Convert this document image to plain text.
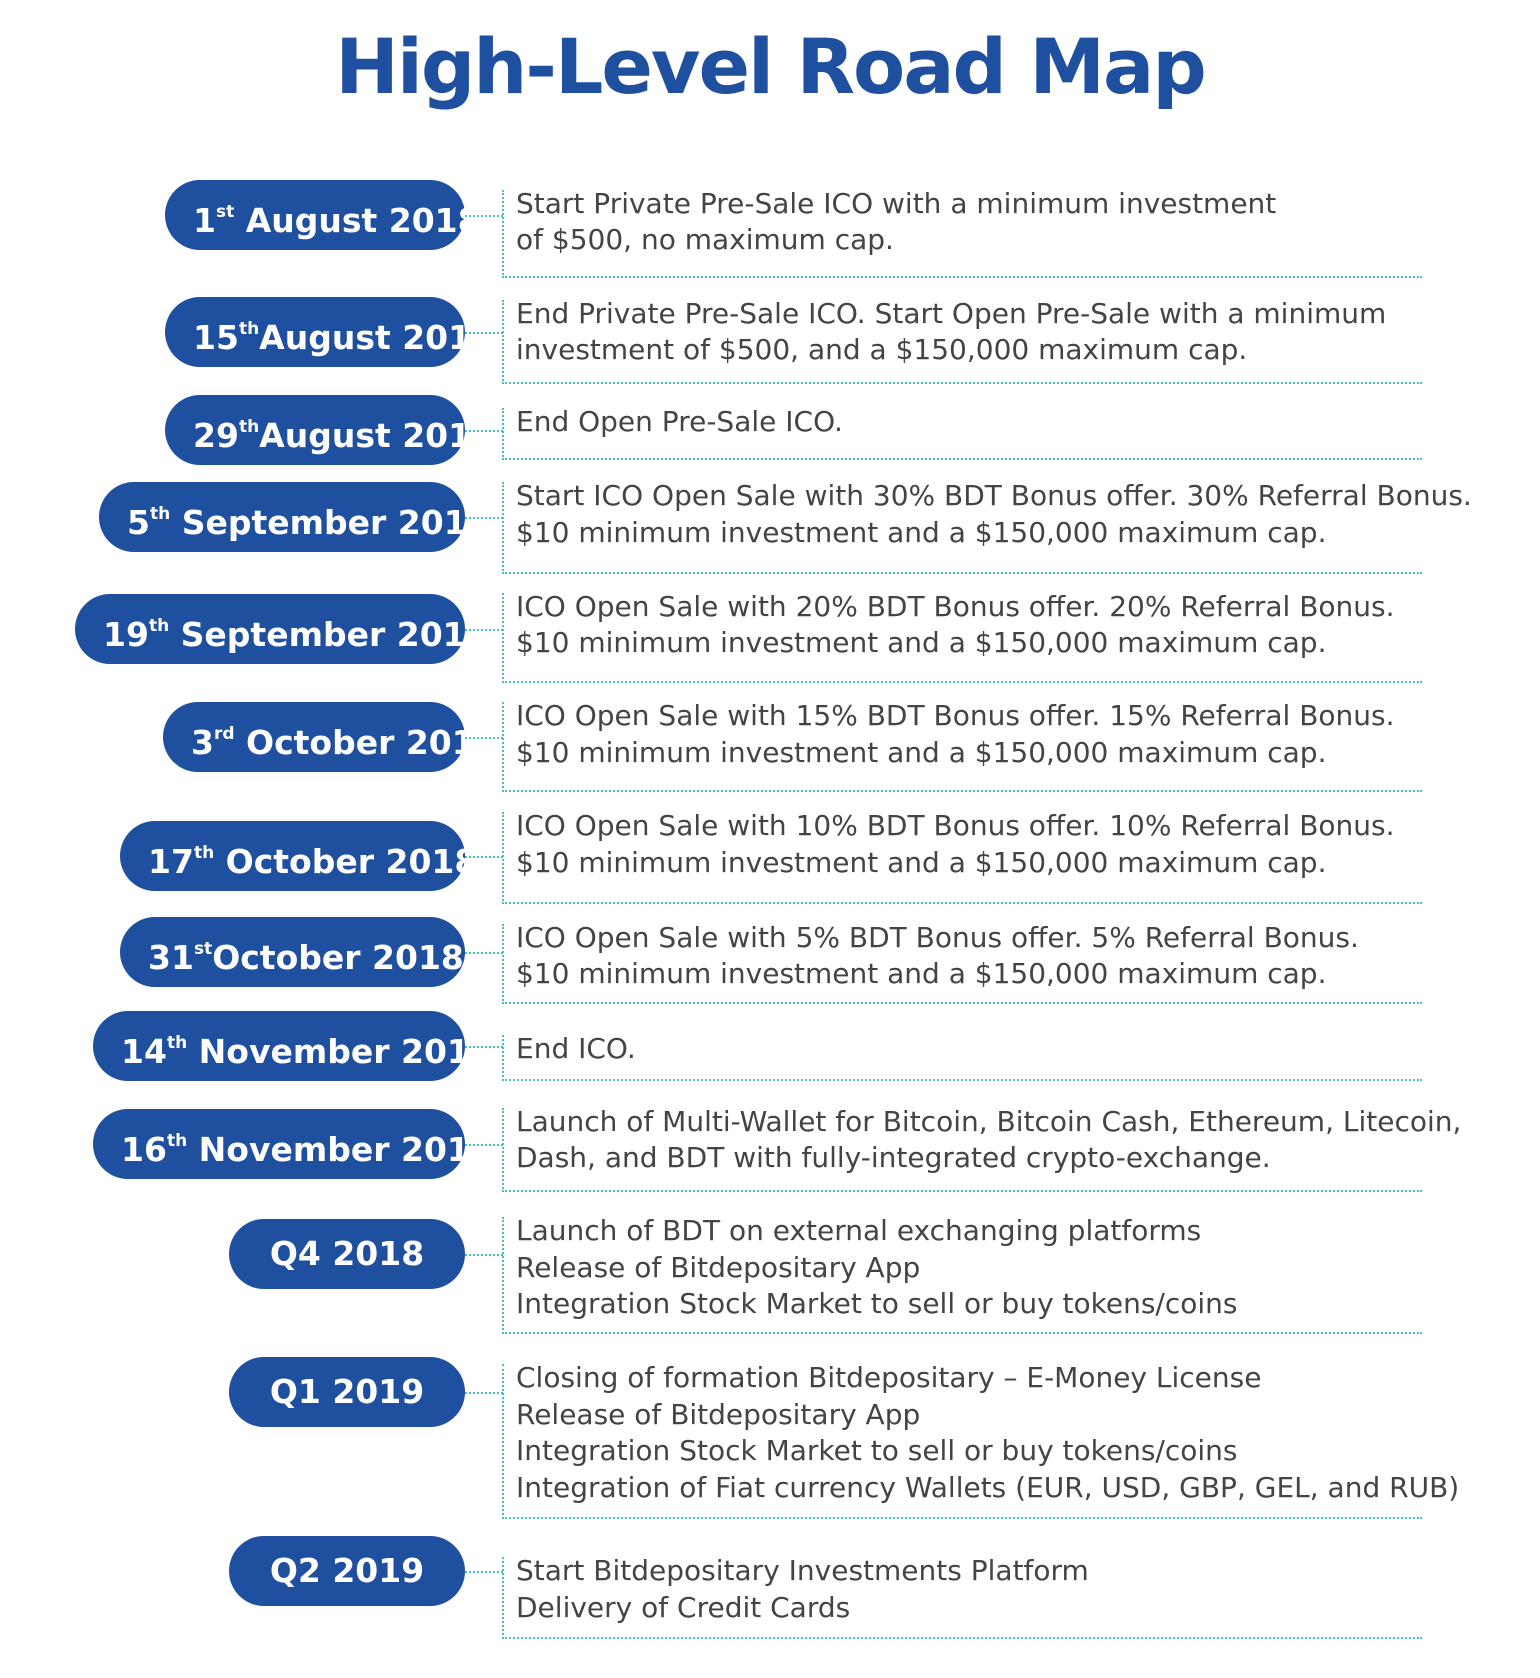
High-Level Road Map
1st August 2018 Start Private Pre-Sale ICO with a minimum investment
of $500, no maximum cap.
15thAugust 2018
End Private Pre-Sale ICO. Start Open Pre-Sale with a minimum
investment of $500, and a $150,000 maximum cap.
29thAugust 2018 End Open Pre-Sale ICO.
5th September 2018
Start ICO Open Sale with 30% BDT Bonus offer. 30% Referral Bonus.
$10 minimum investment and a $150,000 maximum cap.
19th September 2018
ICO Open Sale with 20% BDT Bonus offer. 20% Referral Bonus.
$10 minimum investment and a $150,000 maximum cap.
3rd October 2018
ICO Open Sale with 15% BDT Bonus offer. 15% Referral Bonus.
$10 minimum investment and a $150,000 maximum cap.
17th October 2018
ICO Open Sale with 10% BDT Bonus offer. 10% Referral Bonus.
$10 minimum investment and a $150,000 maximum cap.
31stOctober 2018
ICO Open Sale with 5% BDT Bonus offer. 5% Referral Bonus.
$10 minimum investment and a $150,000 maximum cap.
14th November 2018 End ICO.
16th November 2018
Launch of Multi-Wallet for Bitcoin, Bitcoin Cash, Ethereum, Litecoin,
Dash, and BDT with fully-integrated crypto-exchange.
Q4 2018
Launch of BDT on external exchanging platforms
Release of Bitdepositary App
Integration Stock Market to sell or buy tokens/coins
Q1 2019	Closing of formation Bitdepositary – E-Money License
Release of Bitdepositary App
Integration Stock Market to sell or buy tokens/coins
Integration of Fiat currency Wallets (EUR, USD, GBP, GEL, and RUB)
Q2 2019	Start Bitdepositary Investments Platform
Delivery of Credit Cards
